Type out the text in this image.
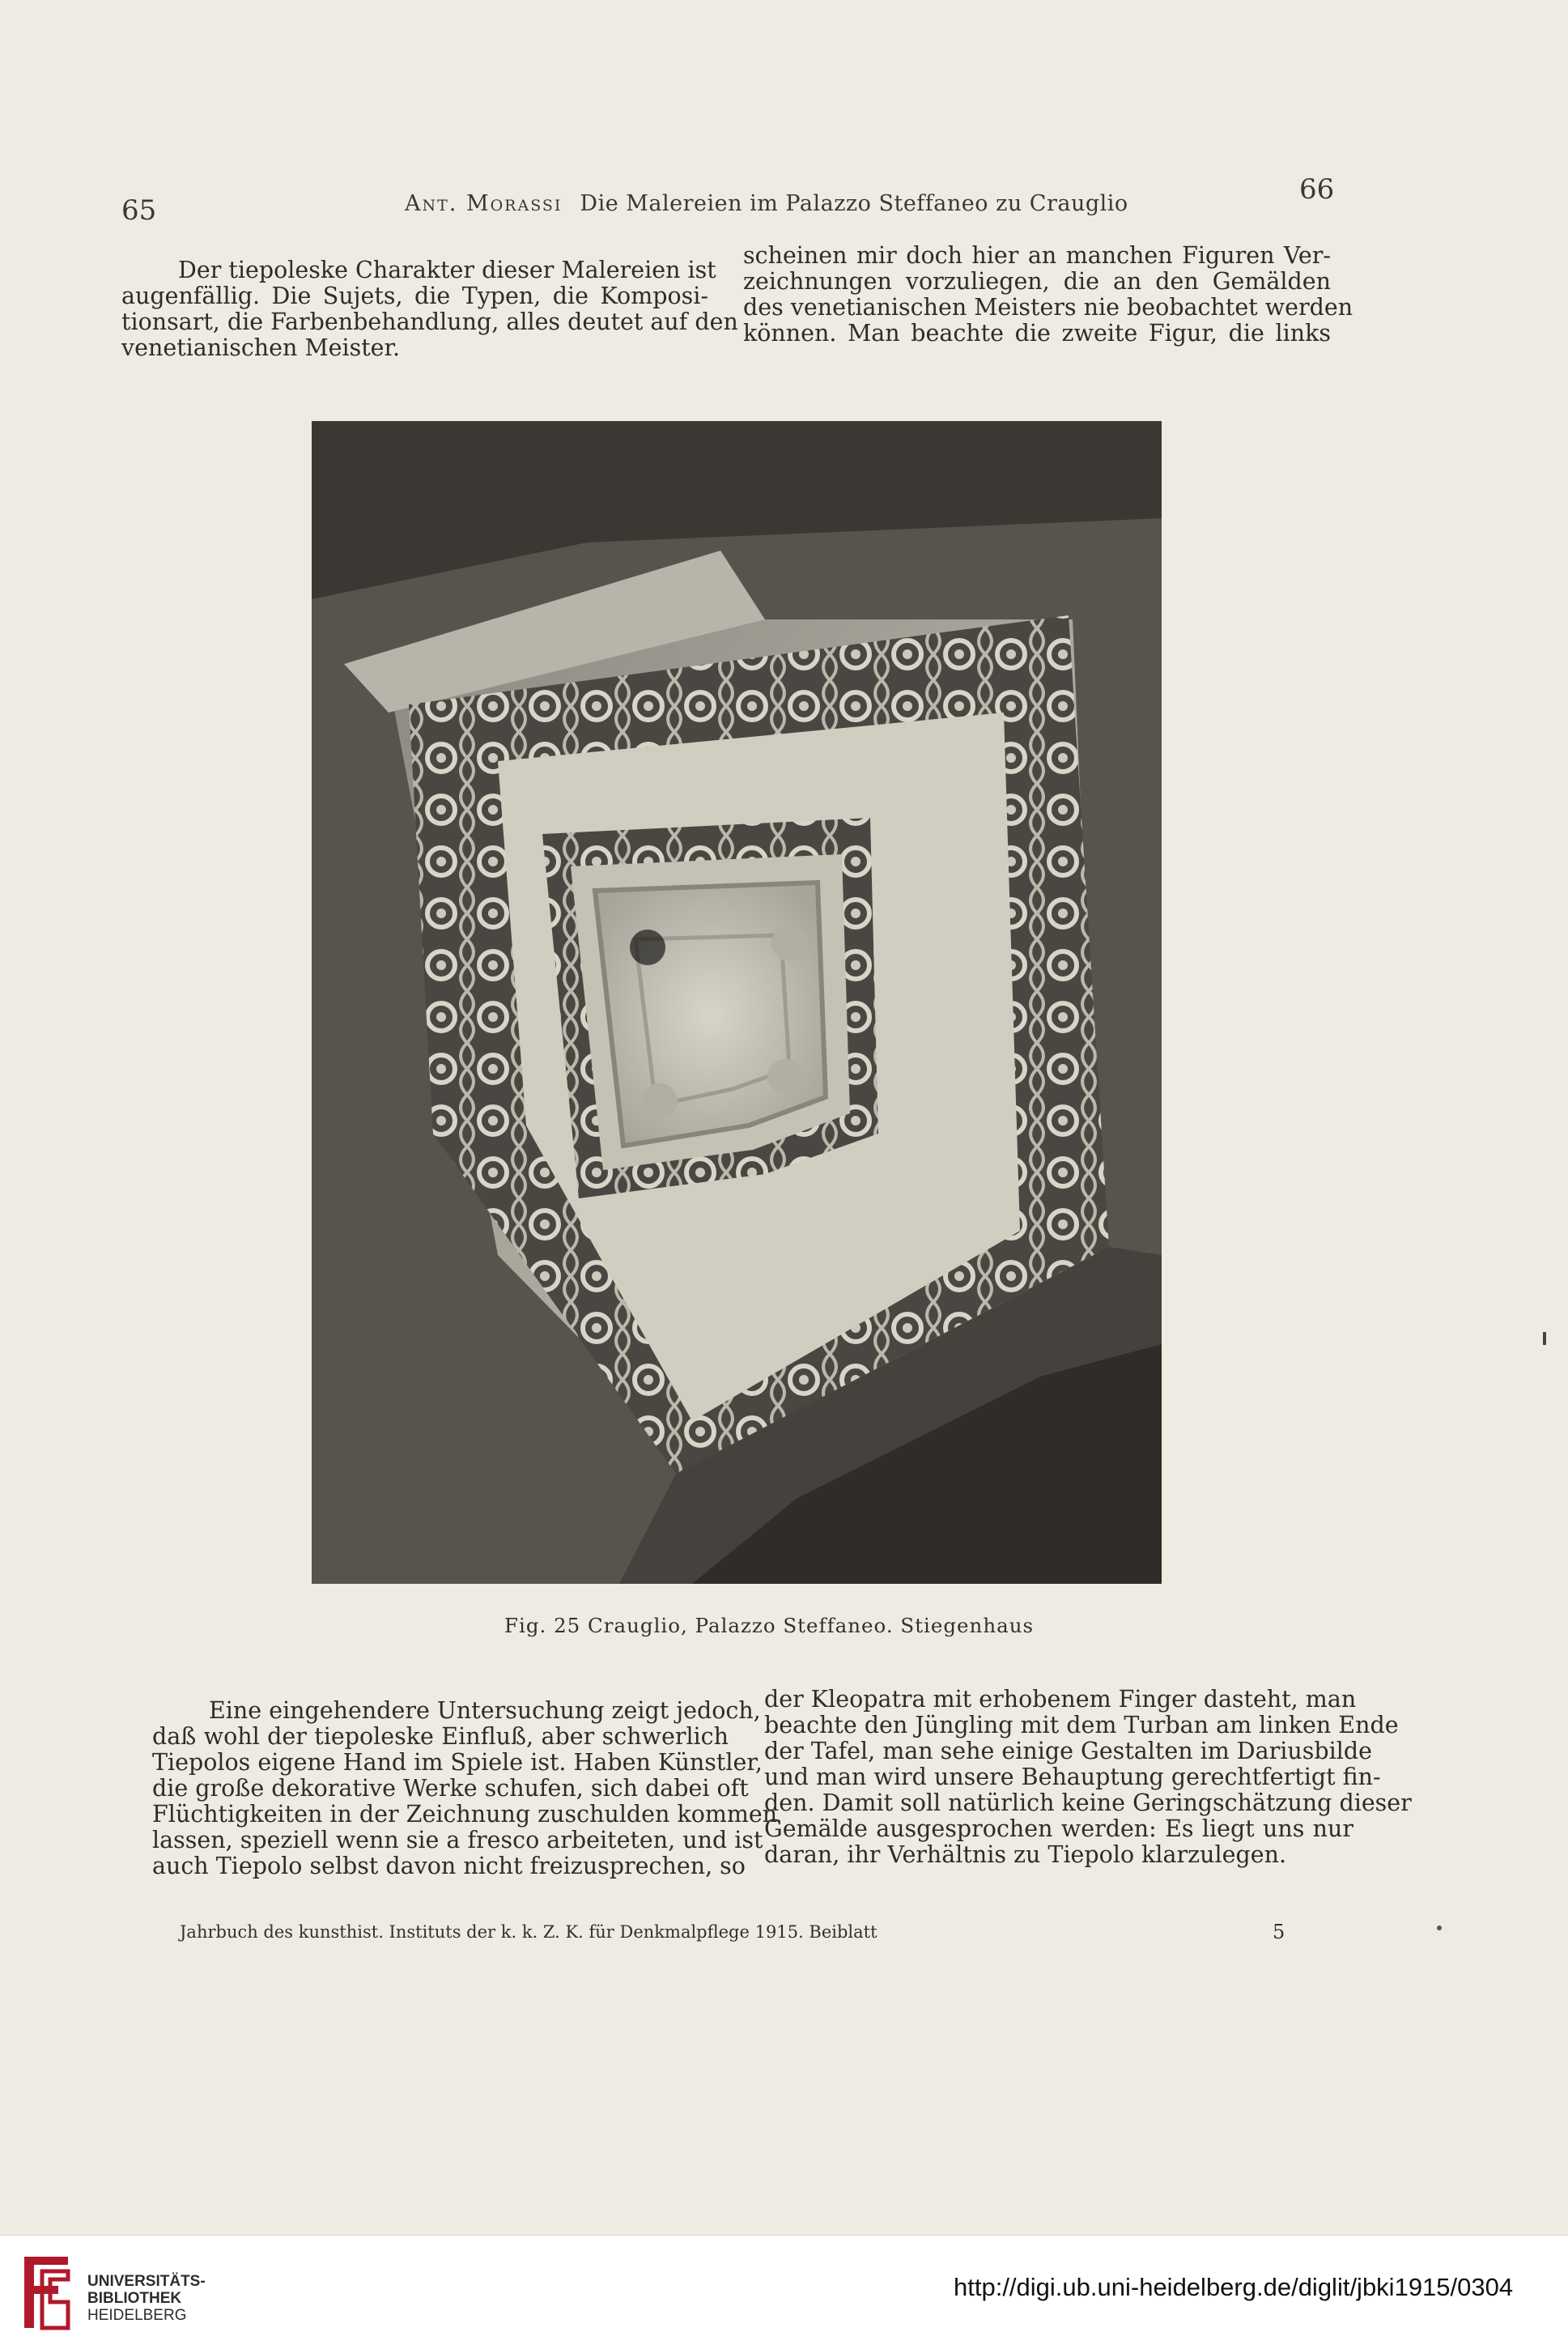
65	Ant. Morassi Die Malereien im Palazzo Steffaneo zu Crauglio	66
Der tiepoleske Charakter dieser Malereien ist
augenfällig. Die Sujets, die Typen, die Komposi-
tionsart, die Farbenbehandlung, alles deutet auf den
venetianischen Meister.
scheinen mir doch hier an manchen Figuren Ver-
zeichnungen vorzuliegen, die an den Gemälden
des venetianischen Meisters nie beobachtet werden
können. Man beachte die zweite Figur, die links
Fig. 25 Crauglio, Palazzo Steffaneo. Stiegenhaus
Eine eingehendere Untersuchung zeigt jedoch,
daß wohl der tiepoleske Einfluß, aber schwerlich
Tiepolos eigene Hand im Spiele ist. Haben Künstler,
die große dekorative Werke schufen, sich dabei oft
Flüchtigkeiten in der Zeichnung zuschulden kommen
lassen, speziell wenn sie a fresco arbeiteten, und ist
auch Tiepolo selbst davon nicht freizusprechen, so
der Kleopatra mit erhobenem Finger dasteht, man
beachte den Jüngling mit dem Turban am linken Ende
der Tafel, man sehe einige Gestalten im Dariusbilde
und man wird unsere Behauptung gerechtfertigt fin-
den. Damit soll natürlich keine Geringschätzung dieser
Gemälde ausgesprochen werden: Es liegt uns nur
daran, ihr Verhältnis zu Tiepolo klarzulegen.
Jahrbuch des kunsthist. Instituts der k. k. Z. K. für Denkmalpflege 1915. Beiblatt	5
UNIVERSITÄTS-
BIBLIOTHEK
HEIDELBERG
http://digi.ub.uni-heidelberg.de/diglit/jbki1915/0304
